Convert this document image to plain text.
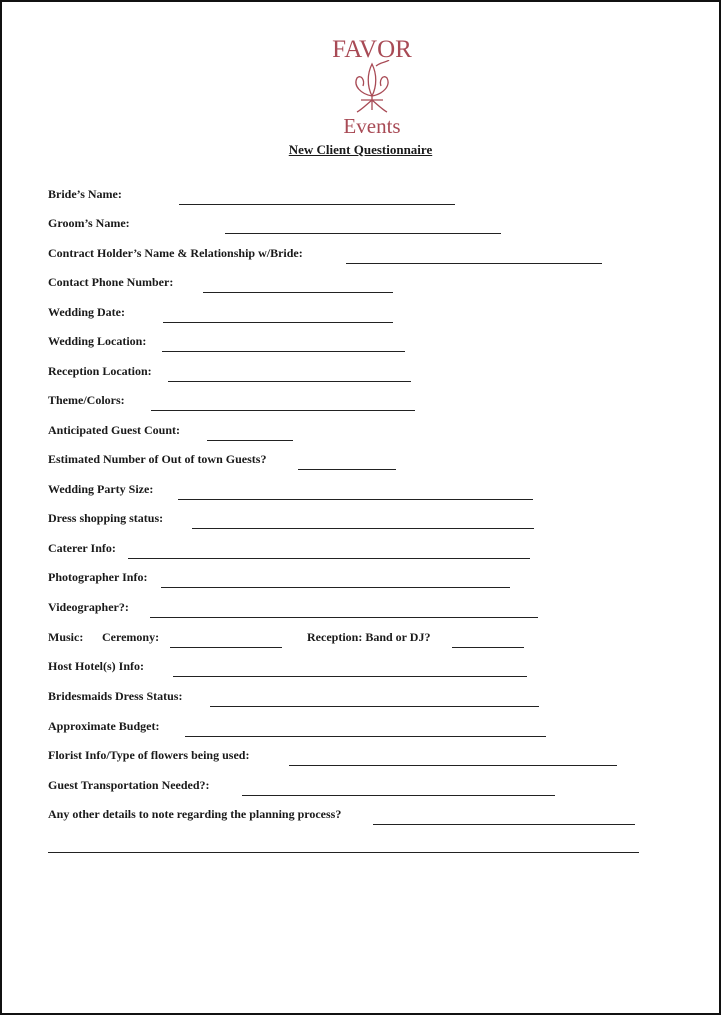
FAVOR
Events
New Client Questionnaire
Bride’s Name:
Groom’s Name:
Contract Holder’s Name & Relationship w/Bride:
Contact Phone Number:
Wedding Date:
Wedding Location:
Reception Location:
Theme/Colors:
Anticipated Guest Count:
Estimated Number of Out of town Guests?
Wedding Party Size:
Dress shopping status:
Caterer Info:
Photographer Info:
Videographer?:
Host Hotel(s) Info:
Bridesmaids Dress Status:
Approximate Budget:
Florist Info/Type of flowers being used:
Guest Transportation Needed?:
Any other details to note regarding the planning process?
Music: Ceremony:	Reception: Band or DJ?
